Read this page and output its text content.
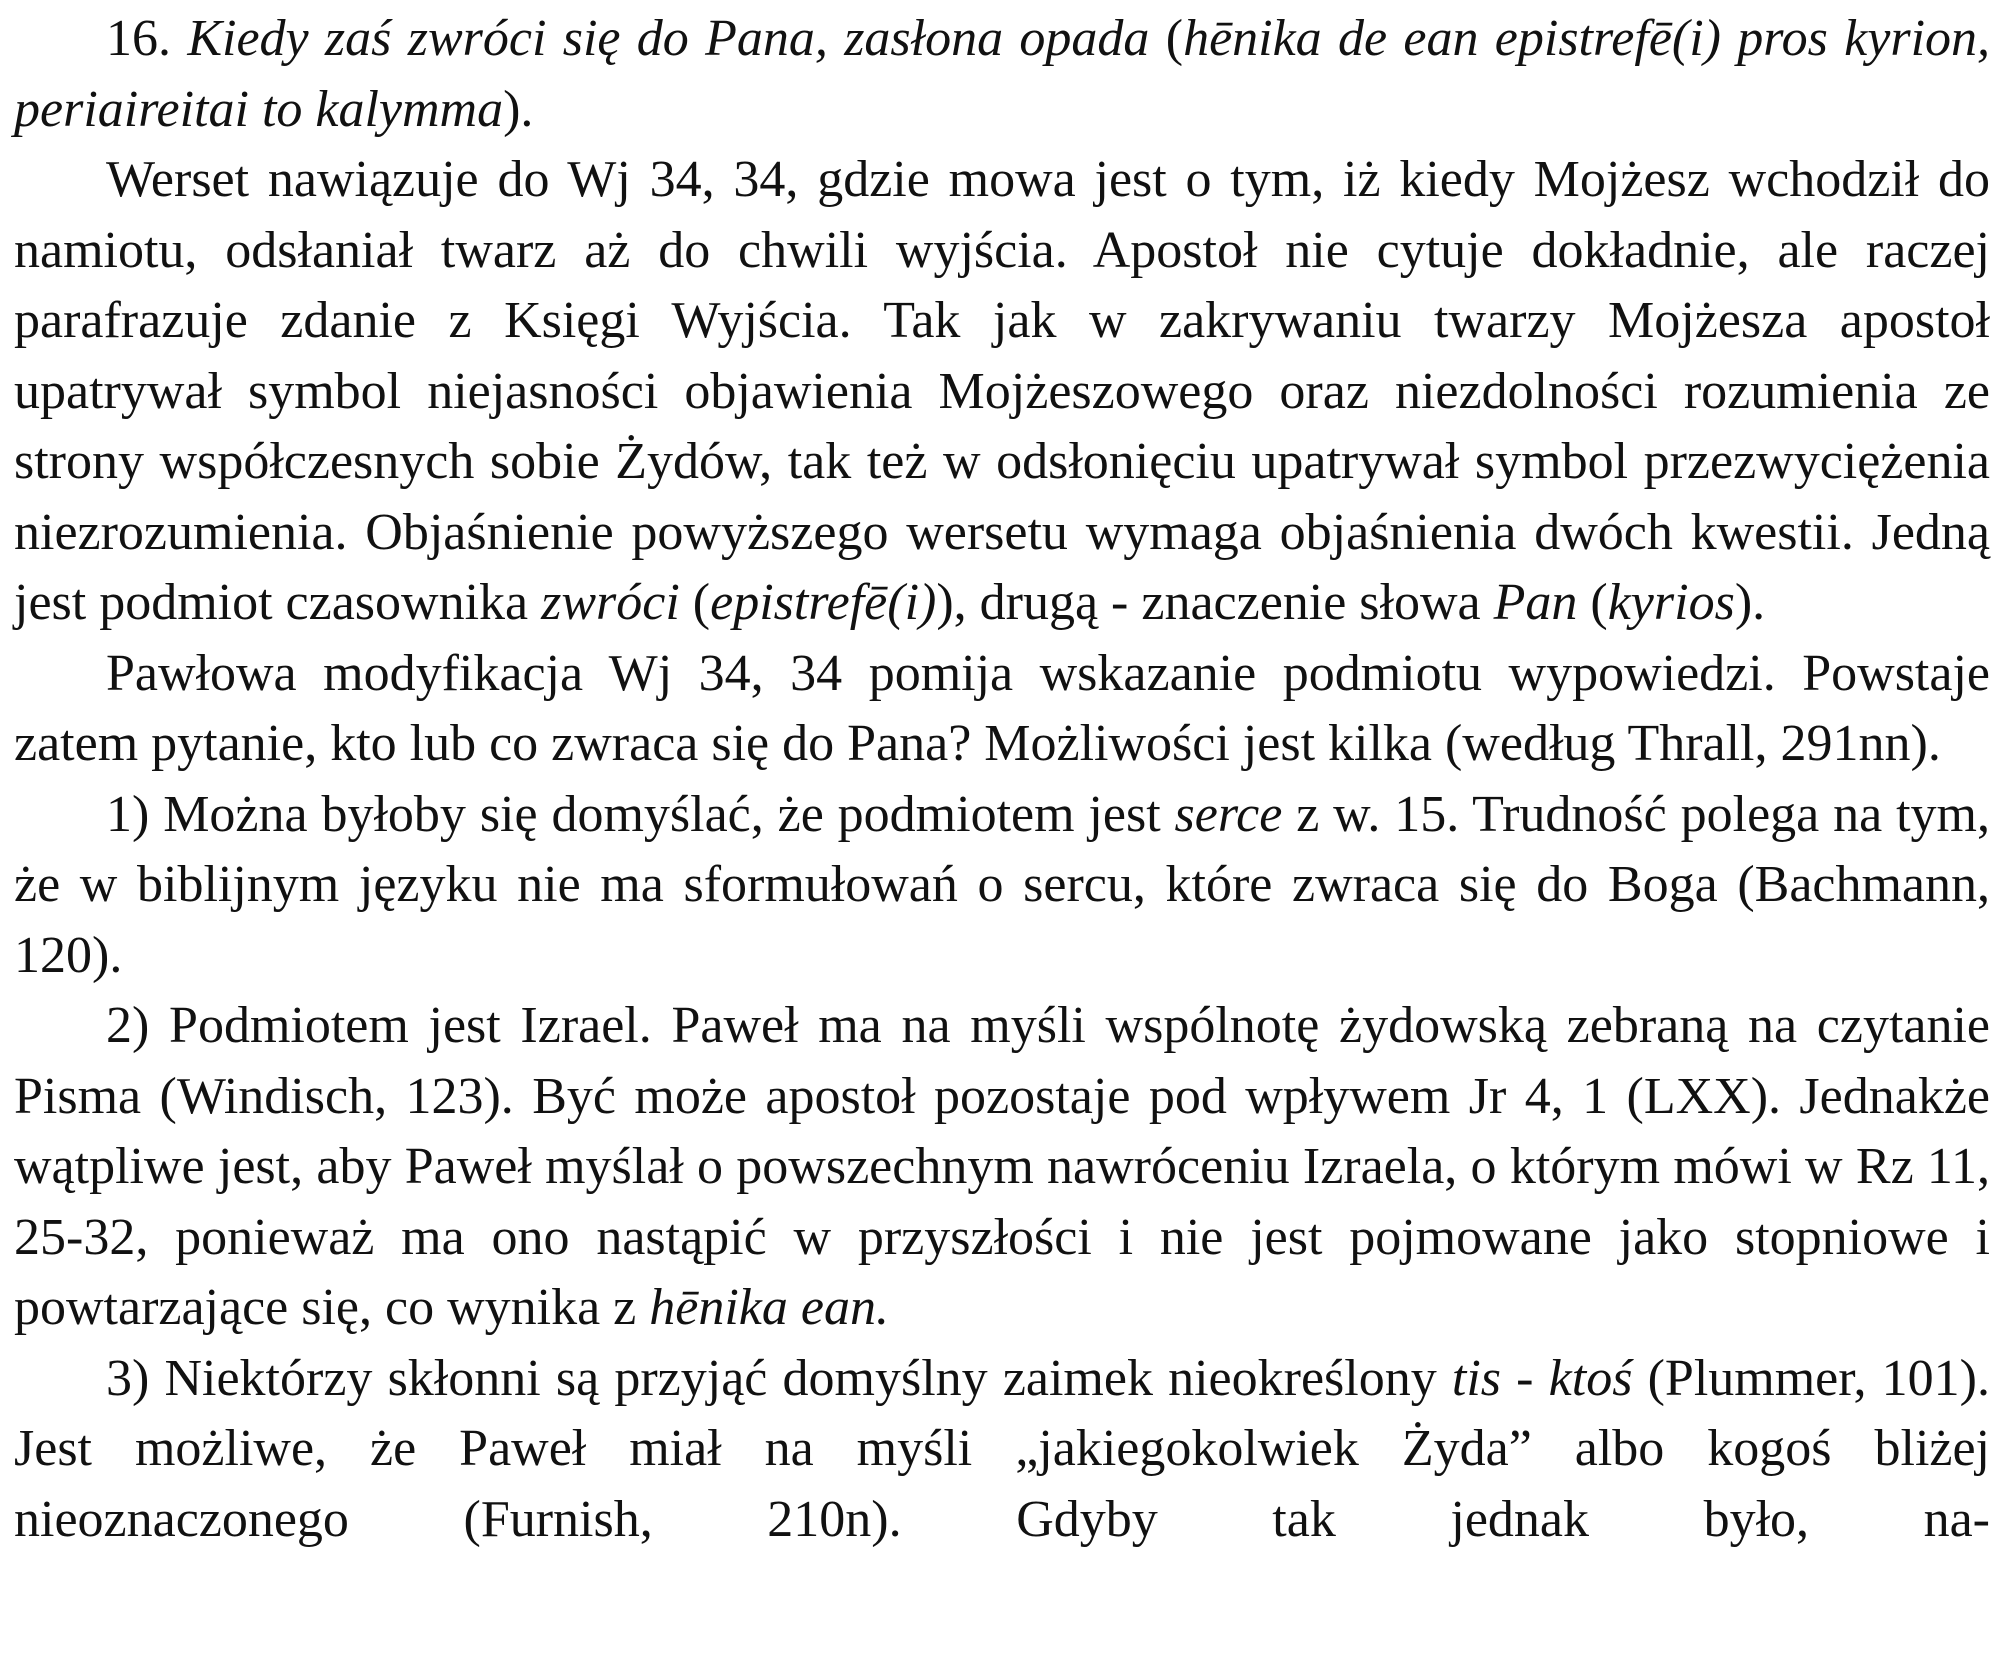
16. Kiedy zaś zwróci się do Pana, zasłona opada (hēnika de ean epistrefē(i) pros kyrion, periaireitai to kalymma).

Werset nawiązuje do Wj 34, 34, gdzie mowa jest o tym, iż kiedy Mojżesz wchodził do namiotu, odsłaniał twarz aż do chwili wyjścia. Apostoł nie cytuje dokładnie, ale raczej parafrazuje zdanie z Księgi Wyjścia. Tak jak w zakrywaniu twarzy Mojżesza apostoł upatrywał symbol niejasności objawienia Mojżeszowego oraz niezdolności rozumienia ze strony współczesnych sobie Żydów, tak też w odsłonięciu upatrywał symbol przezwyciężenia niezrozumienia. Objaśnienie powyższego wersetu wymaga objaśnienia dwóch kwestii. Jedną jest podmiot czasownika zwróci (epistrefē(i)), drugą - znaczenie słowa Pan (kyrios).

Pawłowa modyfikacja Wj 34, 34 pomija wskazanie podmiotu wypowiedzi. Powstaje zatem pytanie, kto lub co zwraca się do Pana? Możliwości jest kilka (według Thrall, 291nn).

1) Można byłoby się domyślać, że podmiotem jest serce z w. 15. Trudność polega na tym, że w biblijnym języku nie ma sformułowań o sercu, które zwraca się do Boga (Bachmann, 120).

2) Podmiotem jest Izrael. Paweł ma na myśli wspólnotę żydowską zebraną na czytanie Pisma (Windisch, 123). Być może apostoł pozostaje pod wpływem Jr 4, 1 (LXX). Jednakże wątpliwe jest, aby Paweł myślał o powszechnym nawróceniu Izraela, o którym mówi w Rz 11, 25-32, ponieważ ma ono nastąpić w przyszłości i nie jest pojmowane jako stopniowe i powtarzające się, co wynika z hēnika ean.

3) Niektórzy skłonni są przyjąć domyślny zaimek nieokreślony tis - ktoś (Plummer, 101). Jest możliwe, że Paweł miał na myśli „jakiegokolwiek Żyda” albo kogoś bliżej nieoznaczonego (Furnish, 210n). Gdyby tak jednak było, na-
